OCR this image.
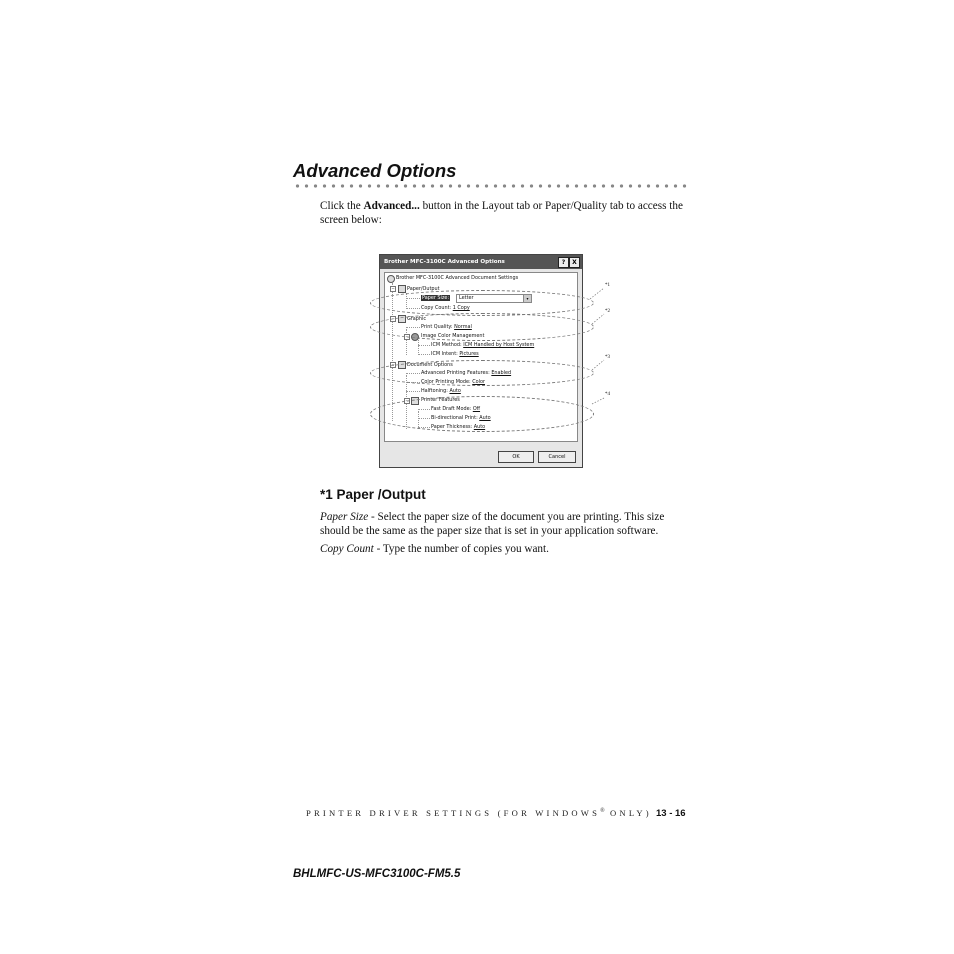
Advanced Options
Click the Advanced... button in the Layout tab or Paper/Quality tab to access the screen below:
Brother MFC-3100C Advanced Options	?	X
Brother MFC-3100C Advanced Document Settings
−	Paper/Output
Paper Size:	Letter	▾
Copy Count: 1 Copy
−	Graphic
Print Quality: Normal
−	Image Color Management
ICM Method: ICM Handled by Host System
ICM Intent: Pictures
−	Document Options
Advanced Printing Features: Enabled
Color Printing Mode: Color
Halftoning: Auto
−	Printer Features
Fast Draft Mode: Off
Bi-directional Print: Auto
Paper Thickness: Auto
OK	Cancel
*1
*2
*3
*4
*1 Paper /Output
Paper Size - Select the paper size of the document you are printing. This size should be the same as the paper size that is set in your application software.
Copy Count - Type the number of copies you want.
PRINTER DRIVER SETTINGS (FOR WINDOWS® ONLY) 13 - 16
BHLMFC-US-MFC3100C-FM5.5
